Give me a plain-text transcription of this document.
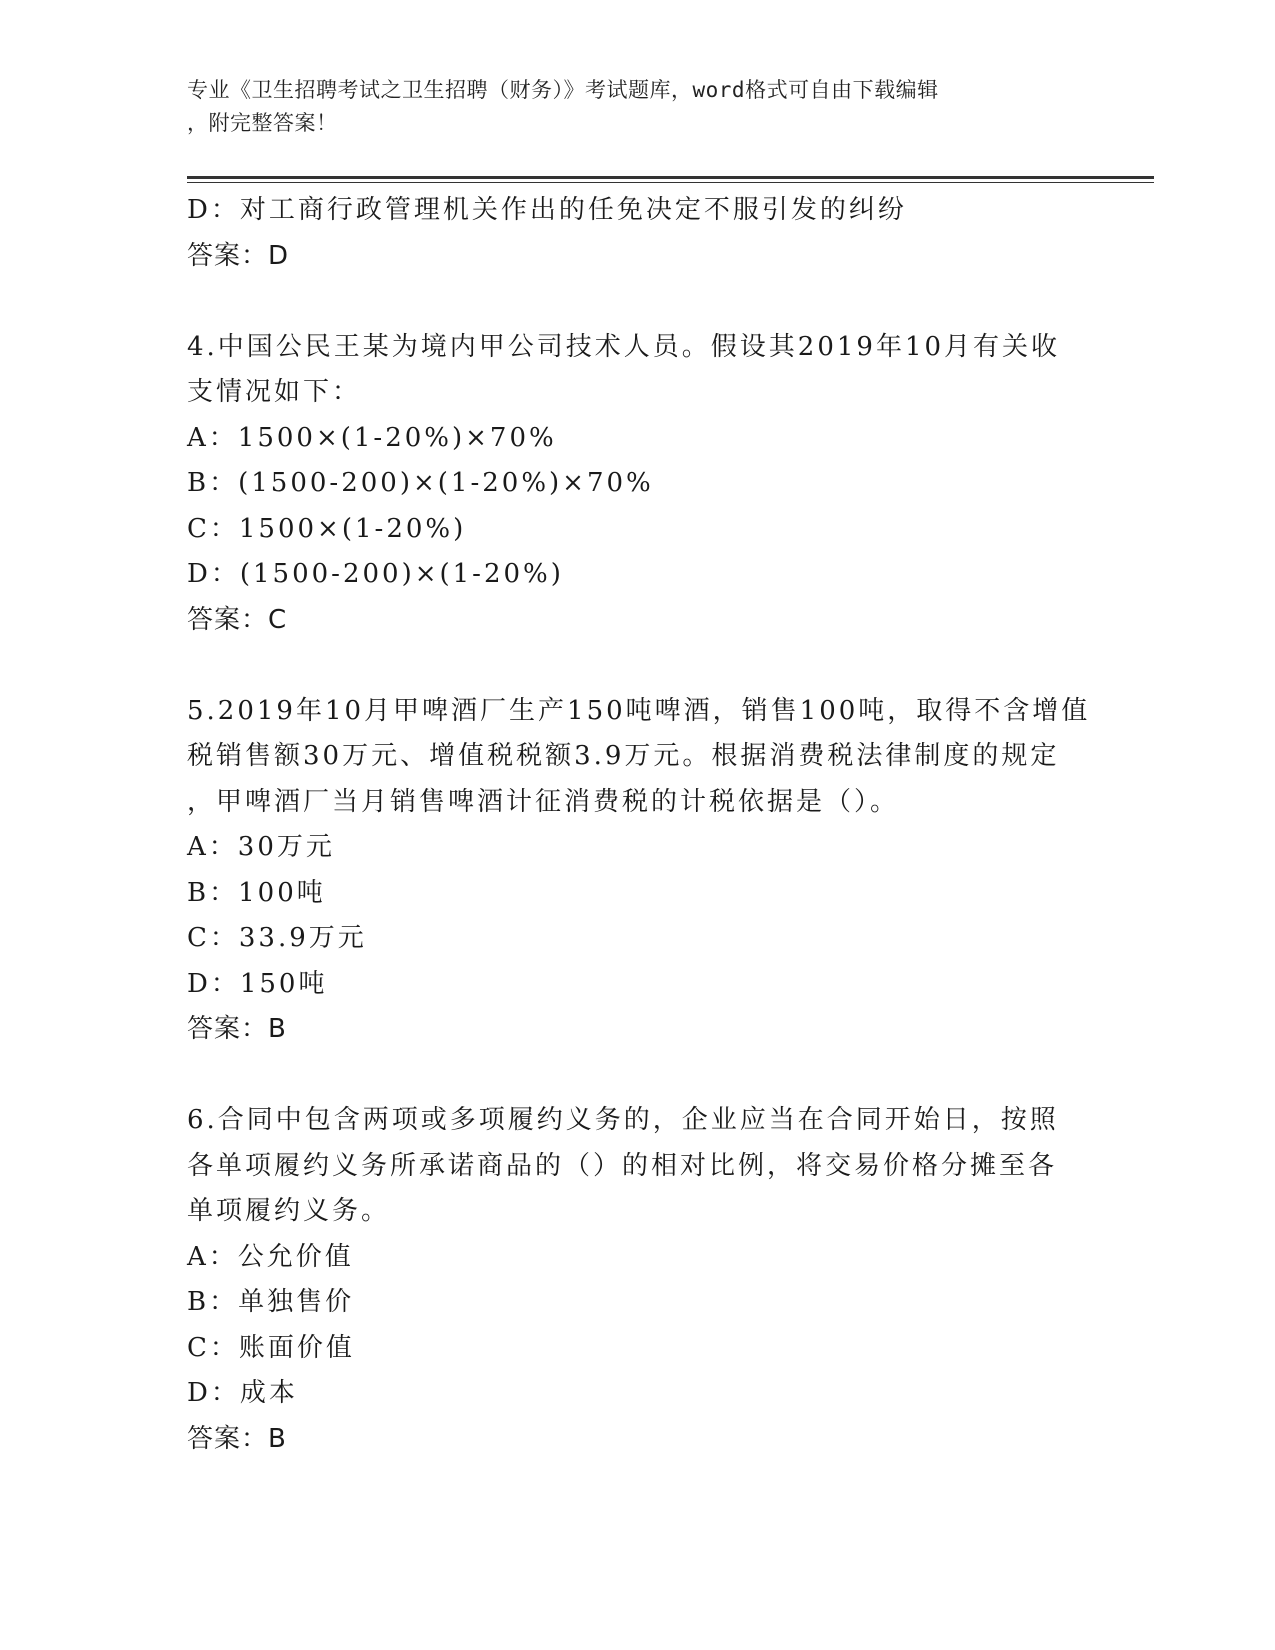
专业《卫生招聘考试之卫生招聘（财务）》考试题库，word格式可自由下载编辑
，附完整答案！
D：对工商行政管理机关作出的任免决定不服引发的纠纷
答案：D
4.中国公民王某为境内甲公司技术人员。假设其2019年10月有关收
支情况如下：
A：1500×(1-20%)×70%
B：(1500-200)×(1-20%)×70%
C：1500×(1-20%)
D：(1500-200)×(1-20%)
答案：C
5.2019年10月甲啤酒厂生产150吨啤酒，销售100吨，取得不含增值
税销售额30万元、增值税税额3.9万元。根据消费税法律制度的规定
，甲啤酒厂当月销售啤酒计征消费税的计税依据是（）。
A：30万元
B：100吨
C：33.9万元
D：150吨
答案：B
6.合同中包含两项或多项履约义务的，企业应当在合同开始日，按照
各单项履约义务所承诺商品的（）的相对比例，将交易价格分摊至各
单项履约义务。
A：公允价值
B：单独售价
C：账面价值
D：成本
答案：B
